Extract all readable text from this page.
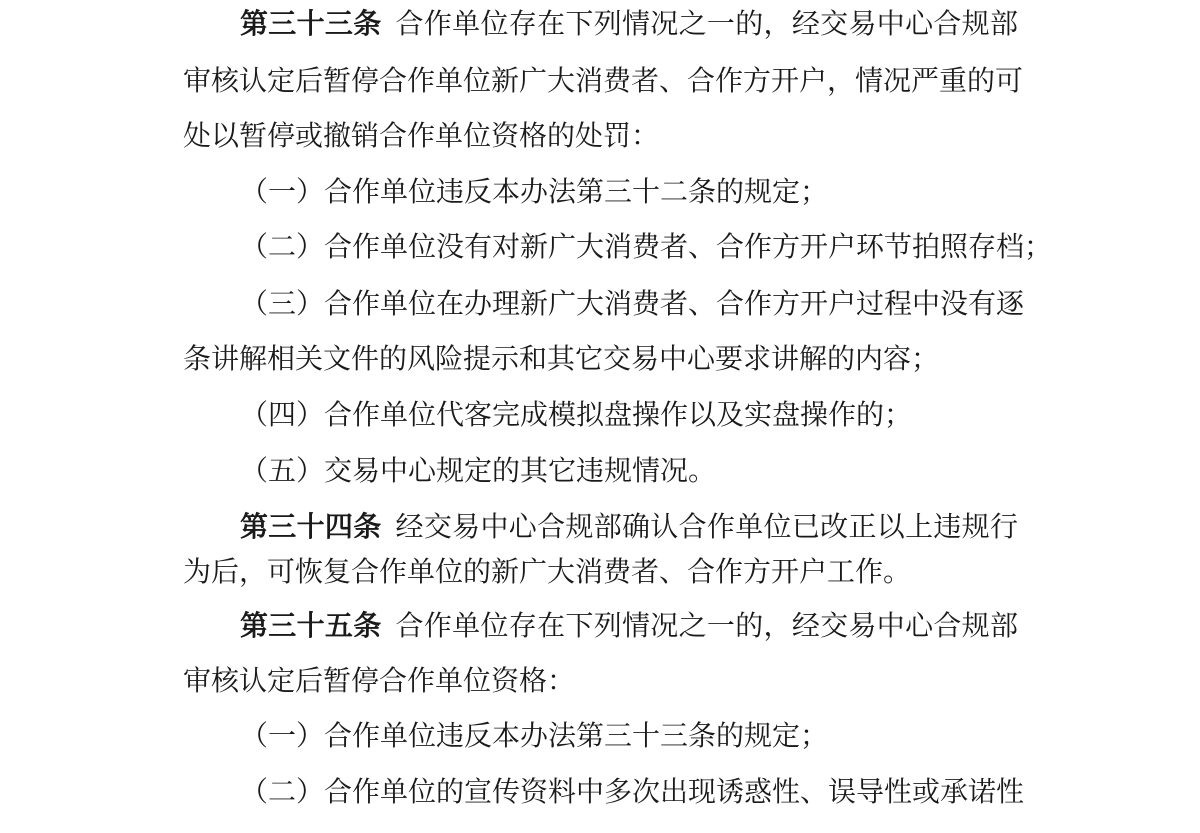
第三十三条 合作单位存在下列情况之一的，经交易中心合规部
审核认定后暂停合作单位新广大消费者、合作方开户，情况严重的可
处以暂停或撤销合作单位资格的处罚：
（一）合作单位违反本办法第三十二条的规定；
（二）合作单位没有对新广大消费者、合作方开户环节拍照存档；
（三）合作单位在办理新广大消费者、合作方开户过程中没有逐
条讲解相关文件的风险提示和其它交易中心要求讲解的内容；
（四）合作单位代客完成模拟盘操作以及实盘操作的；
（五）交易中心规定的其它违规情况。
第三十四条 经交易中心合规部确认合作单位已改正以上违规行
为后，可恢复合作单位的新广大消费者、合作方开户工作。
第三十五条 合作单位存在下列情况之一的，经交易中心合规部
审核认定后暂停合作单位资格：
（一）合作单位违反本办法第三十三条的规定；
（二）合作单位的宣传资料中多次出现诱惑性、误导性或承诺性
